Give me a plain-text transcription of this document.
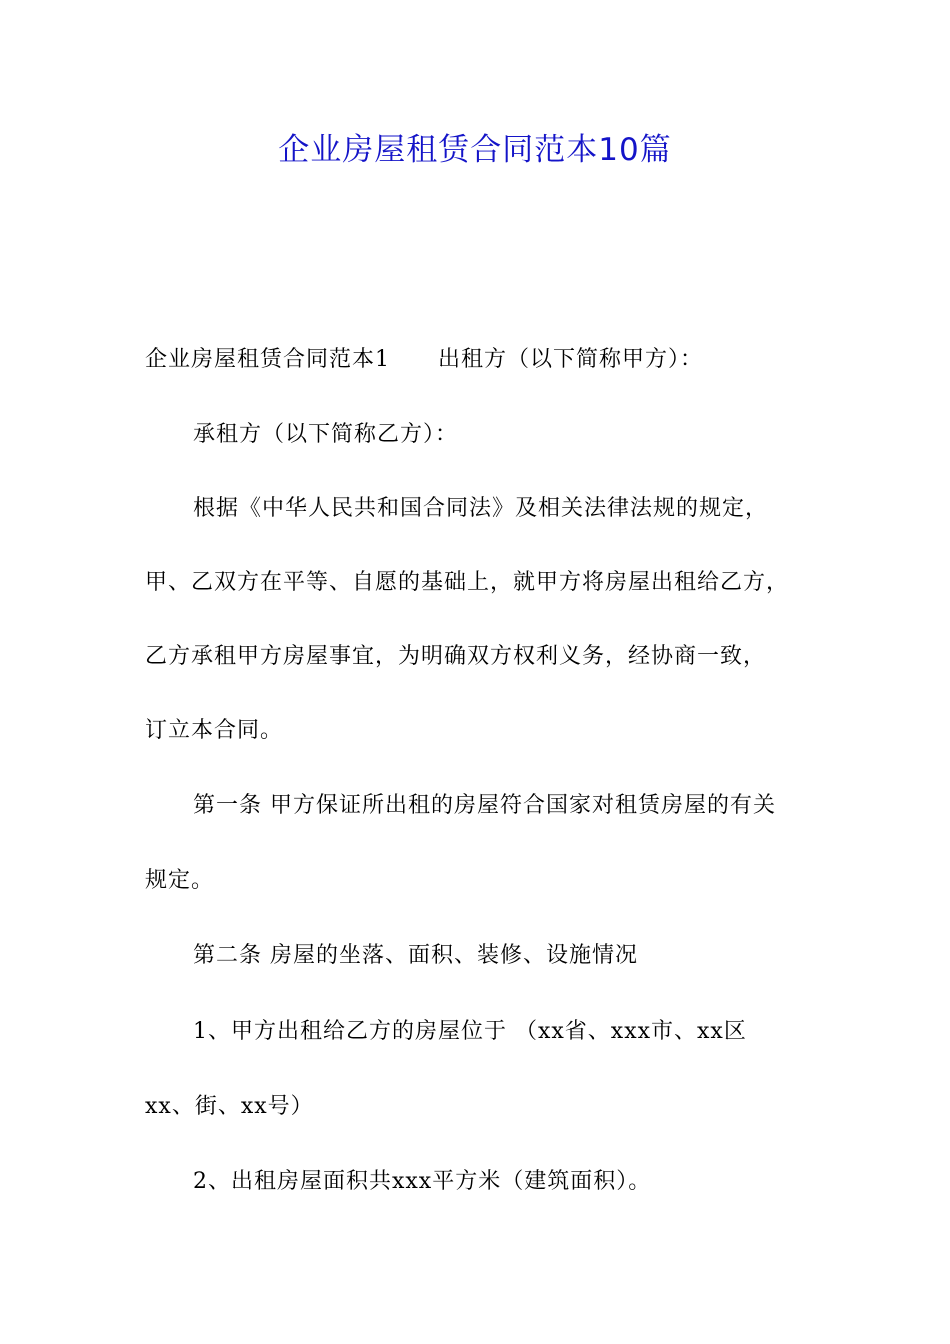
企业房屋租赁合同范本10篇
企业房屋租赁合同范本1 出租方（以下简称甲方）：
承租方（以下简称乙方）：
根据《中华人民共和国合同法》及相关法律法规的规定，
甲、乙双方在平等、自愿的基础上，就甲方将房屋出租给乙方，
乙方承租甲方房屋事宜，为明确双方权利义务，经协商一致，
订立本合同。
第一条 甲方保证所出租的房屋符合国家对租赁房屋的有关
规定。
第二条 房屋的坐落、面积、装修、设施情况
1、甲方出租给乙方的房屋位于 （xx省、xxx市、xx区
xx、街、xx号）
2、出租房屋面积共xxx平方米（建筑面积）。
